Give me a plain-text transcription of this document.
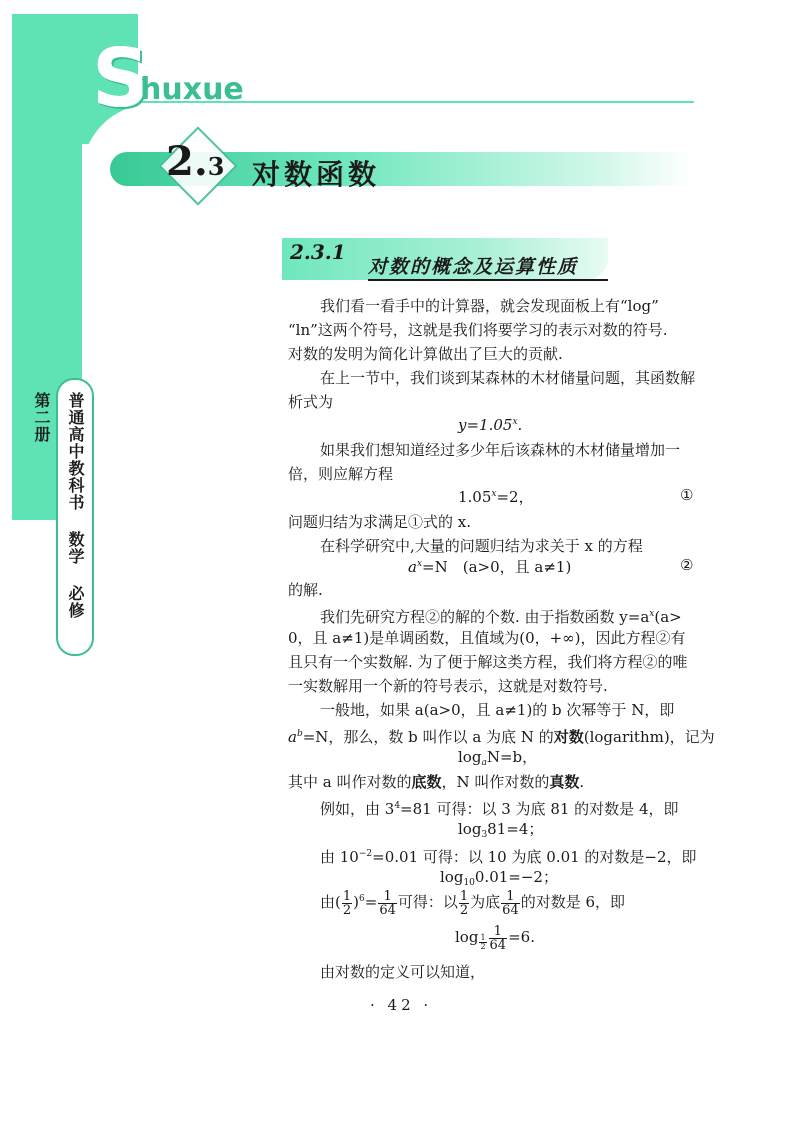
S
huxue
2.3 对数函数
2.3.1
对数的概念及运算性质
普通高中教科书 数学 必修 第二册
我们看一看手中的计算器，就会发现面板上有“log”
“ln”这两个符号，这就是我们将要学习的表示对数的符号.
对数的发明为简化计算做出了巨大的贡献.
在上一节中，我们谈到某森林的木材储量问题，其函数解
析式为
$y=1.05^x$.
如果我们想知道经过多少年后该森林的木材储量增加一
倍，则应解方程
$1.05^x=2$，	①
问题归结为求满足①式的 x.
在科学研究中,大量的问题归结为求关于 x 的方程
$a^x=N$　(a>0，且 a≠1)	②
的解.
我们先研究方程②的解的个数. 由于指数函数 $y=a^x(a>$
0，且 a≠1)是单调函数，且值域为(0，+∞)，因此方程②有
且只有一个实数解. 为了便于解这类方程，我们将方程②的唯
一实数解用一个新的符号表示，这就是对数符号.
一般地，如果 a(a>0，且 a≠1)的 b 次幂等于 N，即
$a^b=N$，那么，数 b 叫作以 a 为底 N 的对数(logarithm)，记为
$\log_aN=b$，
其中 a 叫作对数的底数，N 叫作对数的真数.
例如，由 $3^4=81$ 可得：以 3 为底 81 的对数是 4，即
$\log_381=4$；
由 $10^{-2}=0.01$ 可得：以 10 为底 0.01 的对数是−2，即
$\log_{10}0.01=-2$；
由( $\frac{1}{2} )^6= \frac{1}{64}$ 可得：以 $\frac{1}{2}$ 为底 $\frac{1}{64}$ 的对数是 6，即
$\log _{\frac{1}{2}} \frac{1}{64} =6$.
由对数的定义可以知道，
· 42 ·
